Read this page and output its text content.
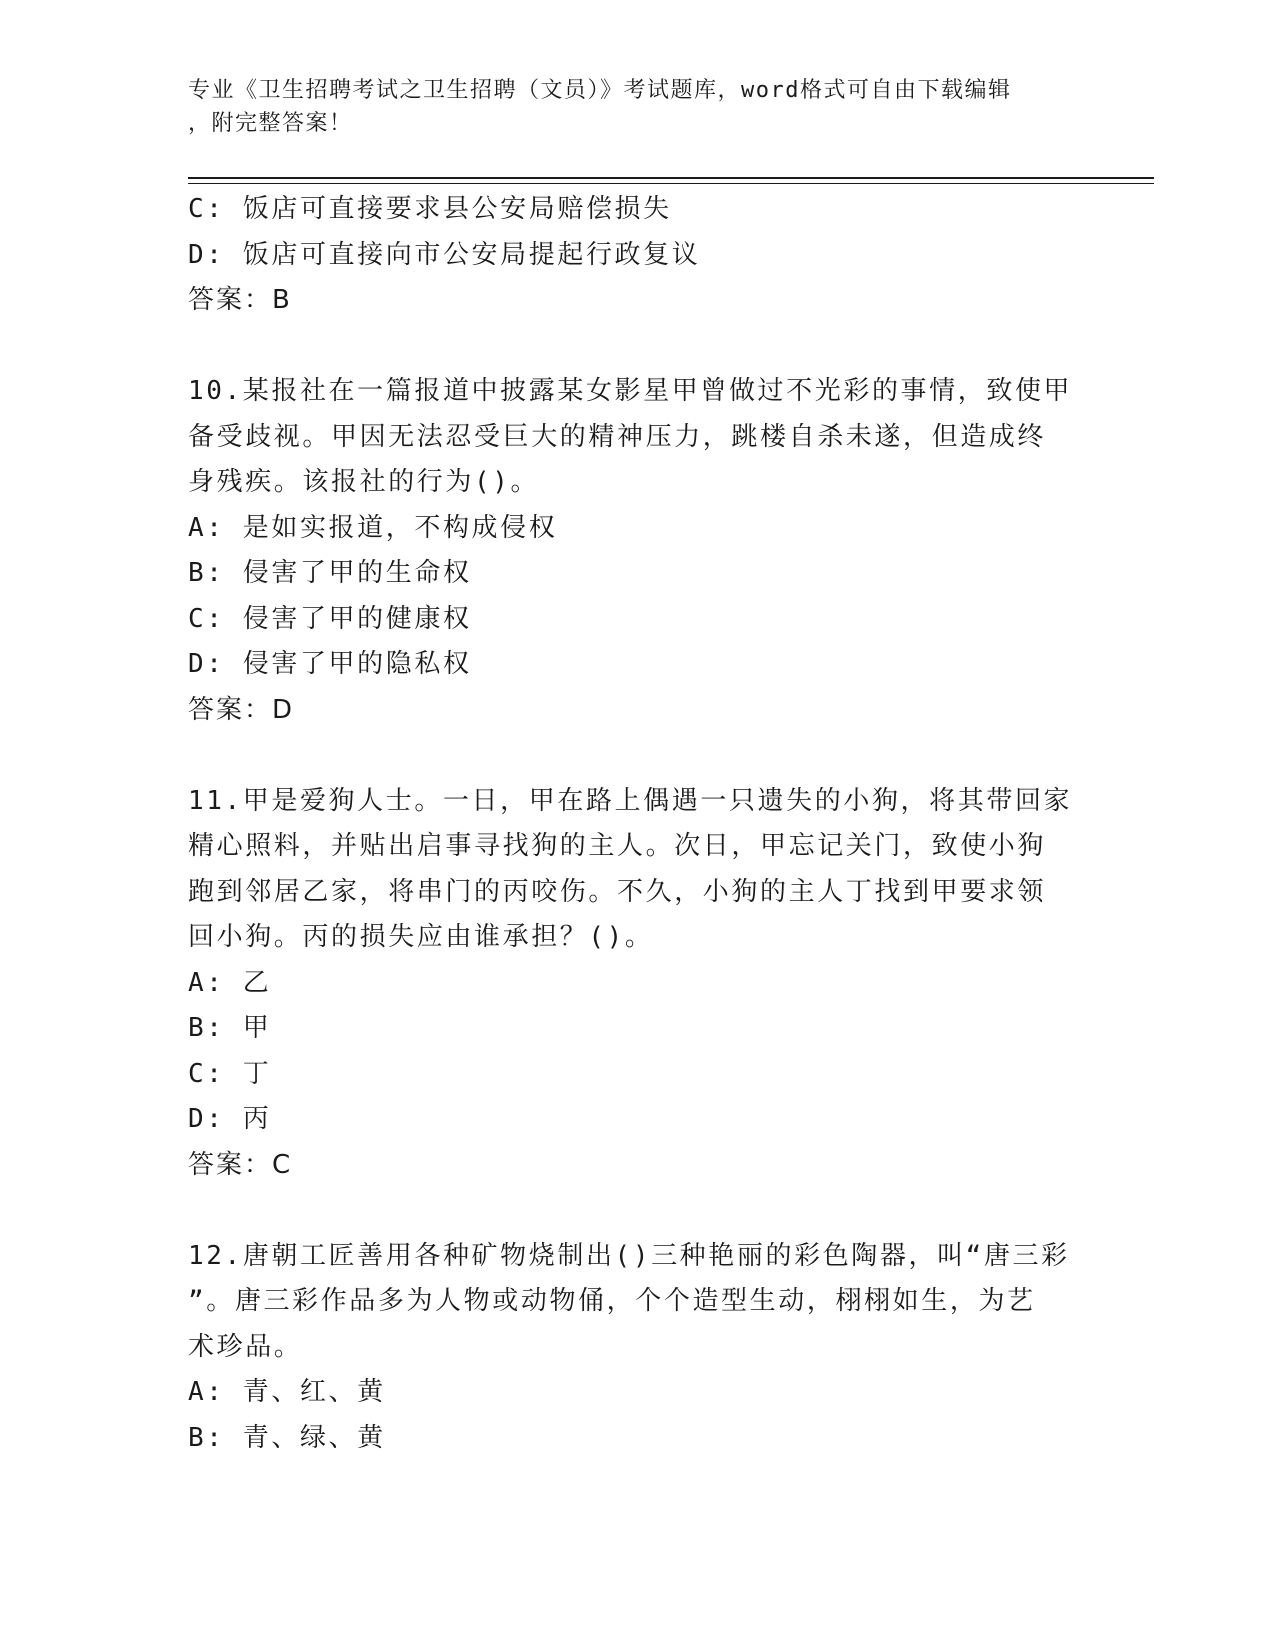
专业《卫生招聘考试之卫生招聘（文员）》考试题库，word格式可自由下载编辑
，附完整答案！
C: 饭店可直接要求县公安局赔偿损失
D: 饭店可直接向市公安局提起行政复议
答案：B
10.某报社在一篇报道中披露某女影星甲曾做过不光彩的事情，致使甲
备受歧视。甲因无法忍受巨大的精神压力，跳楼自杀未遂，但造成终
身残疾。该报社的行为()。
A: 是如实报道，不构成侵权
B: 侵害了甲的生命权
C: 侵害了甲的健康权
D: 侵害了甲的隐私权
答案：D
11.甲是爱狗人士。一日，甲在路上偶遇一只遗失的小狗，将其带回家
精心照料，并贴出启事寻找狗的主人。次日，甲忘记关门，致使小狗
跑到邻居乙家，将串门的丙咬伤。不久，小狗的主人丁找到甲要求领
回小狗。丙的损失应由谁承担？()。
A: 乙
B: 甲
C: 丁
D: 丙
答案：C
12.唐朝工匠善用各种矿物烧制出()三种艳丽的彩色陶器，叫“唐三彩
”。唐三彩作品多为人物或动物俑，个个造型生动，栩栩如生，为艺
术珍品。
A: 青、红、黄
B: 青、绿、黄
